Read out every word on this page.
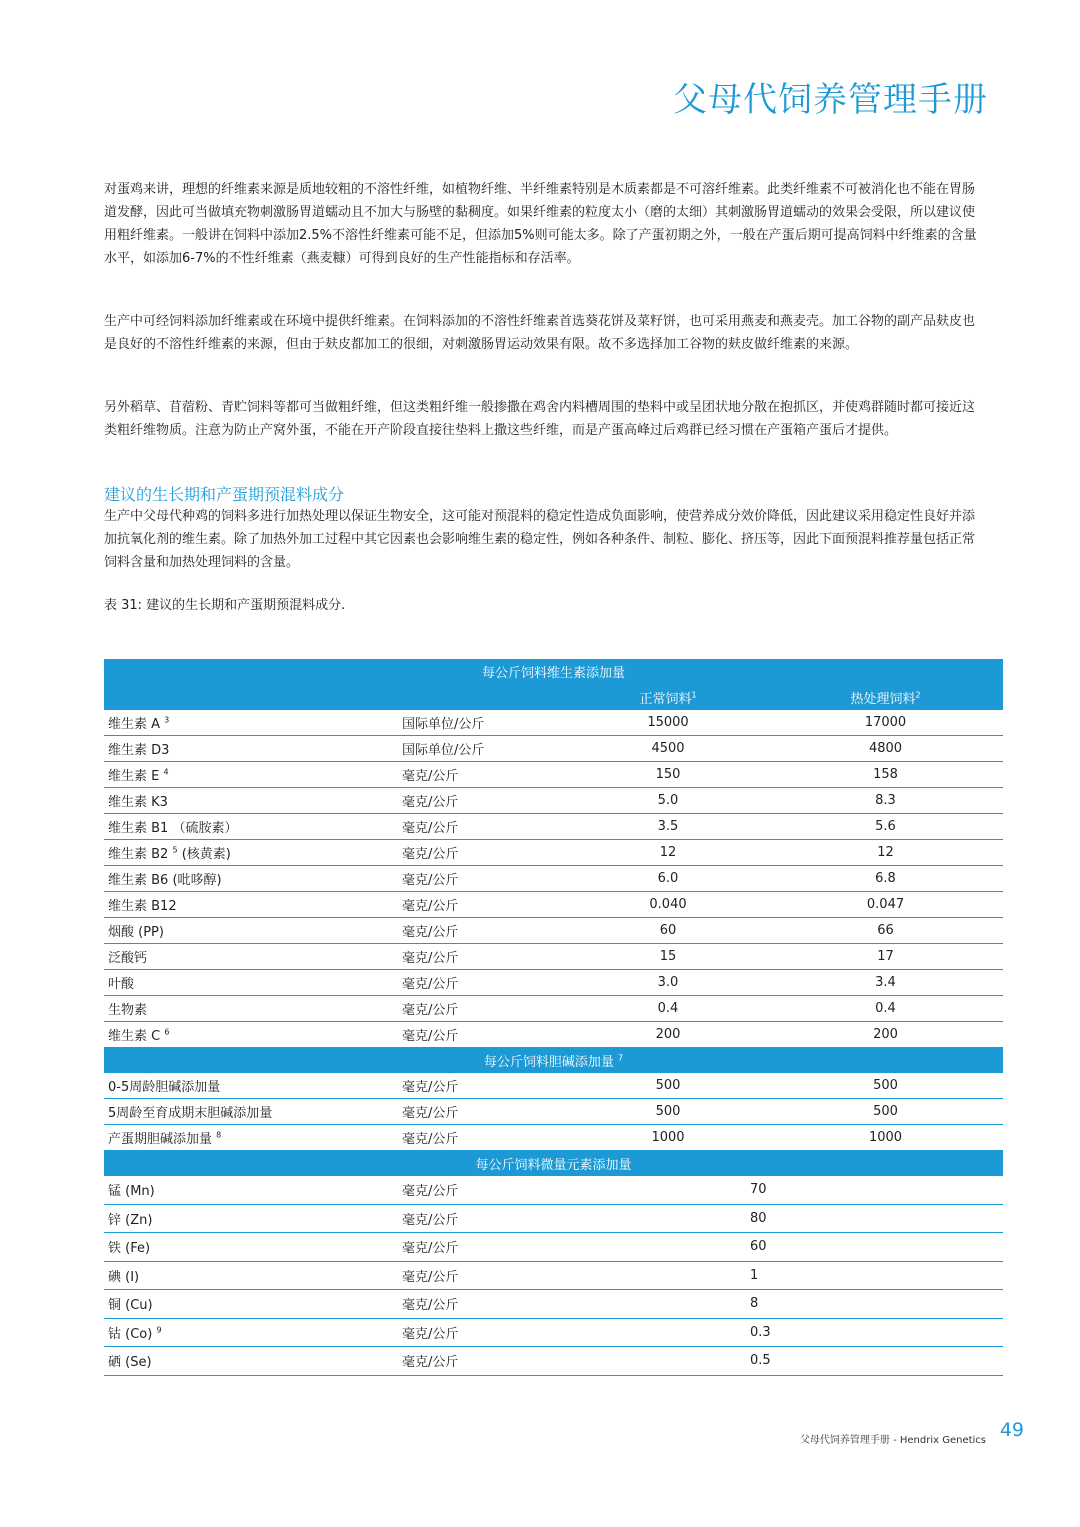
父母代饲养管理手册
对蛋鸡来讲，理想的纤维素来源是质地较粗的不溶性纤维，如植物纤维、半纤维素特别是木质素都是不可溶纤维素。此类纤维素不可被消化也不能在胃肠道发酵，因此可当做填充物刺激肠胃道蠕动且不加大与肠壁的黏稠度。如果纤维素的粒度太小（磨的太细）其刺激肠胃道蠕动的效果会受限，所以建议使用粗纤维素。一般讲在饲料中添加2.5%不溶性纤维素可能不足，但添加5%则可能太多。除了产蛋初期之外，一般在产蛋后期可提高饲料中纤维素的含量水平，如添加6-7%的不性纤维素（燕麦糠）可得到良好的生产性能指标和存活率。
生产中可经饲料添加纤维素或在环境中提供纤维素。在饲料添加的不溶性纤维素首选葵花饼及菜籽饼，也可采用燕麦和燕麦壳。加工谷物的副产品麸皮也是良好的不溶性纤维素的来源，但由于麸皮都加工的很细，对刺激肠胃运动效果有限。故不多选择加工谷物的麸皮做纤维素的来源。
另外稻草、苜蓿粉、青贮饲料等都可当做粗纤维，但这类粗纤维一般掺撒在鸡舍内料槽周围的垫料中或呈团状地分散在抱抓区，并使鸡群随时都可接近这类粗纤维物质。注意为防止产窝外蛋，不能在开产阶段直接往垫料上撒这些纤维，而是产蛋高峰过后鸡群已经习惯在产蛋箱产蛋后才提供。
建议的生长期和产蛋期预混料成分
生产中父母代种鸡的饲料多进行加热处理以保证生物安全，这可能对预混料的稳定性造成负面影响，使营养成分效价降低，因此建议采用稳定性良好并添加抗氧化剂的维生素。除了加热外加工过程中其它因素也会影响维生素的稳定性，例如各种条件、制粒、膨化、挤压等，因此下面预混料推荐量包括正常饲料含量和加热处理饲料的含量。
表 31: 建议的生长期和产蛋期预混料成分.
每公斤饲料维生素添加量			
		正常饲料$^1$	热处理饲料$^2$
维生素 A $^3$	国际单位/公斤	15000	17000
维生素 D3	国际单位/公斤	4500	4800
维生素 E $^4$	毫克/公斤	150	158
维生素 K3	毫克/公斤	5.0	8.3
维生素 B1 （硫胺素）	毫克/公斤	3.5	5.6
维生素 B2 $^5$ (核黄素)	毫克/公斤	12	12
维生素 B6 (吡哆醇)	毫克/公斤	6.0	6.8
维生素 B12	毫克/公斤	0.040	0.047
烟酸 (PP)	毫克/公斤	60	66
泛酸钙	毫克/公斤	15	17
叶酸	毫克/公斤	3.0	3.4
生物素	毫克/公斤	0.4	0.4
维生素 C $^6$	毫克/公斤	200	200
每公斤饲料胆碱添加量 $^7$
0-5周龄胆碱添加量	毫克/公斤	500	500
5周龄至育成期末胆碱添加量	毫克/公斤	500	500
产蛋期胆碱添加量 $^8$	毫克/公斤	1000	1000
每公斤饲料微量元素添加量			
锰 (Mn)	毫克/公斤	70	
锌 (Zn)	毫克/公斤	80	
铁 (Fe)	毫克/公斤	60	
碘 (I)	毫克/公斤	1	
铜 (Cu)	毫克/公斤	8	
钴 (Co) $^9$	毫克/公斤	0.3	
硒 (Se)	毫克/公斤	0.5	
父母代饲养管理手册 - Hendrix Genetics 49
